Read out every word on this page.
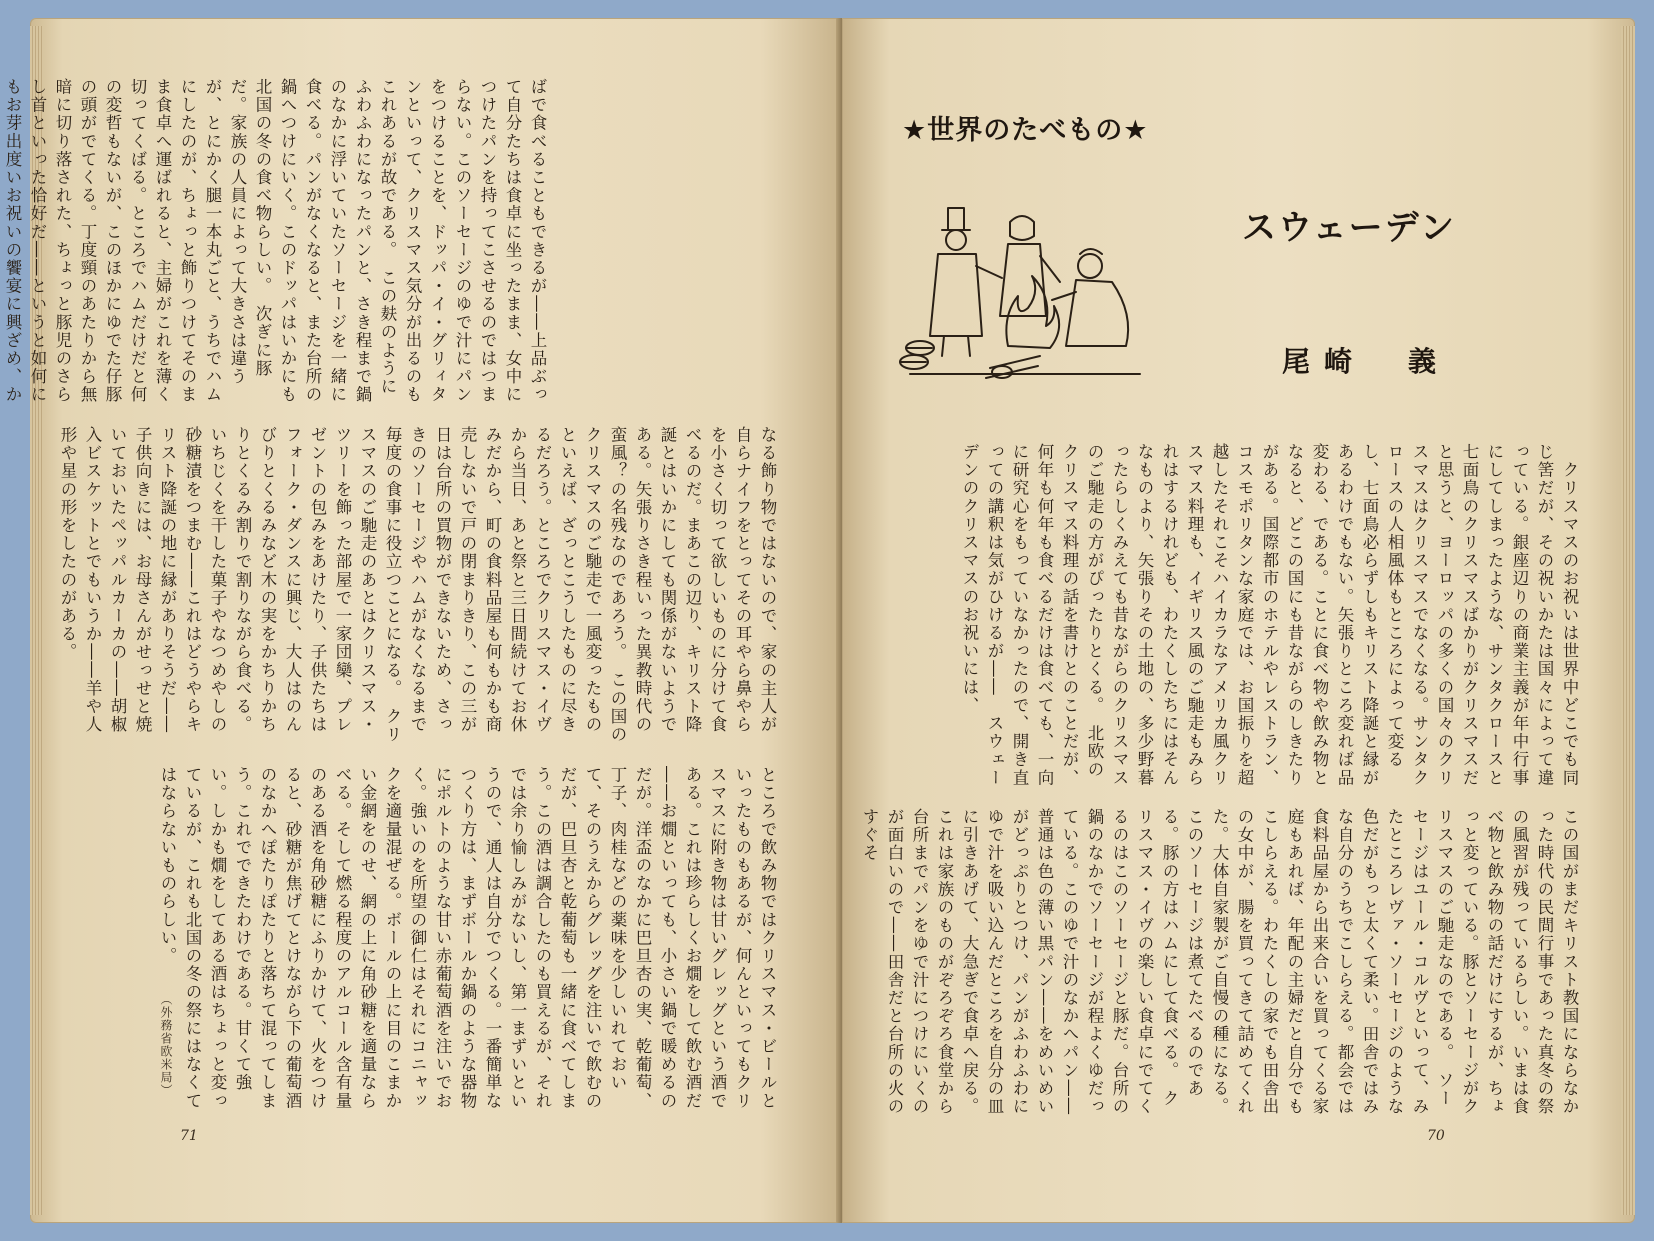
ばで食べることもできるが――上品ぶって自分たちは食卓に坐ったまま、女中につけたパンを持ってこさせるのではつまらない。このソーセージのゆで汁にパンをつけることを、ドッパ・イ・グリィタンといって、クリスマス気分が出るのもこれあるが故である。　この麸のようにふわふわになったパンと、さき程まで鍋のなかに浮いていたソーセージを一緒に食べる。パンがなくなると、また台所の鍋へつけにいく。このドッパはいかにも北国の冬の食べ物らしい。　次ぎに豚だ。家族の人員によって大きさは違うが、とにかく腿一本丸ごと、うちでハムにしたのが、ちょっと飾りつけてそのまま食卓へ運ばれると、主婦がこれを薄く切ってくばる。ところでハムだけだと何の変哲もないが、このほかにゆでた仔豚の頭がでてくる。丁度頸のあたりから無暗に切り落された、ちょっと豚児のさらし首といった恰好だ――というと如何にもお芽出度いお祝いの饗宴に興ざめ、か　
なる飾り物ではないので、家の主人が自らナイフをとってその耳やら鼻やらを小さく切って欲しいものに分けて食べるのだ。まあこの辺り、キリスト降誕とはいかにしても関係がないようである。矢張りさき程いった異教時代の蛮風？の名残なのであろう。　この国のクリスマスのご馳走で一風変ったものといえば、ざっとこうしたものに尽きるだろう。ところでクリスマス・イヴから当日、あと祭と三日間続けてお休みだから、町の食料品屋も何もかも商売しないで戸の閉まりきり、この三が日は台所の買物ができないため、さっきのソーセージやハムがなくなるまで毎度の食事に役立つことになる。　クリスマスのご馳走のあとはクリスマス・ツリーを飾った部屋で一家団欒、プレゼントの包みをあけたり、子供たちはフォーク・ダンスに興じ、大人はのんびりとくるみなど木の実をかちりかちりとくるみ割りで割りながら食べる。いちじくを干した菓子やなつめやしの砂糖漬をつまむ――これはどうやらキリスト降誕の地に縁がありそうだ――子供向きには、お母さんがせっせと焼いておいたペッパルカーカの――胡椒入ビスケットとでもいうか――羊や人形や星の形をしたのがある。
ところで飲み物ではクリスマス・ビールといったものもあるが、何んといってもクリスマスに附き物は甘いグレッグという酒である。これは珍らしくお燗をして飲む酒だ――お燗といっても、小さい鍋で暖めるのだが。洋盃のなかに巴旦杏の実、乾葡萄、丁子、肉桂などの薬味を少しいれておいて、そのうえからグレッグを注いで飲むのだが、巴旦杏と乾葡萄も一緒に食べてしまう。この酒は調合したのも買えるが、それでは余り愉しみがないし、第一まずいというので、通人は自分でつくる。一番簡単なつくり方は、まずボールか鍋のような器物にポルトのような甘い赤葡萄酒を注いでおく。強いのを所望の御仁はそれにコニャックを適量混ぜる。ボールの上に目のこまかい金網をのせ、網の上に角砂糖を適量ならべる。そして燃る程度のアルコール含有量のある酒を角砂糖にふりかけて、火をつけると、砂糖が焦げてとけながら下の葡萄酒のなかへぽたりぽたりと落ちて混ってしまう。これでできたわけである。甘くて強い。しかも燗をしてある酒はちょっと変っているが、これも北国の冬の祭にはなくてはならないものらしい。
（外務省欧米局）
71
★世界のたべもの★
スウェーデン
尾崎　義
　クリスマスのお祝いは世界中どこでも同じ筈だが、その祝いかたは国々によって違っている。銀座辺りの商業主義が年中行事にしてしまったような、サンタクロースと七面鳥のクリスマスばかりがクリスマスだと思うと、ヨーロッパの多くの国々のクリスマスはクリスマスでなくなる。サンタクロースの人相風体もところによって変るし、七面鳥必らずしもキリスト降誕と縁があるわけでもない。矢張りところ変れば品変わる、である。ことに食べ物や飲み物となると、どこの国にも昔ながらのしきたりがある。国際都市のホテルやレストラン、コスモポリタンな家庭では、お国振りを超越したそれこそハイカラなアメリカ風クリスマス料理も、イギリス風のご馳走もみられはするけれども、わたくしたちにはそんなものより、矢張りその土地の、多少野暮ったらしくみえても昔ながらのクリスマスのご馳走の方がぴったりとくる。　北欧のクリスマス料理の話を書けとのことだが、何年も何年も食べるだけは食べても、一向に研究心をもっていなかったので、開き直っての講釈は気がひけるが――　スウェーデンのクリスマスのお祝いには、
この国がまだキリスト教国にならなかった時代の民間行事であった真冬の祭の風習が残っているらしい。いまは食べ物と飲み物の話だけにするが、ちょっと変っている。豚とソーセージがクリスマスのご馳走なのである。　ソーセージはユール・コルヴといって、みたところレヴァ・ソーセージのような色だがもっと太くて柔い。田舎ではみな自分のうちでこしらえる。都会では食料品屋から出来合いを買ってくる家庭もあれば、年配の主婦だと自分でもこしらえる。わたくしの家でも田舎出の女中が、腸を買ってきて詰めてくれた。大体自家製がご自慢の種になる。このソーセージは煮てたべるのである。豚の方はハムにして食べる。　クリスマス・イヴの楽しい食卓にでてくるのはこのソーセージと豚だ。台所の鍋のなかでソーセージが程よくゆだっている。このゆで汁のなかへパン――普通は色の薄い黒パン――をめいめいがどっぷりとつけ、パンがふわふわにゆで汁を吸い込んだところを自分の皿に引きあげて、大急ぎで食卓へ戻る。これは家族のものがぞろぞろ食堂から台所までパンをゆで汁につけにいくのが面白いので――田舎だと台所の火のすぐそ
70
